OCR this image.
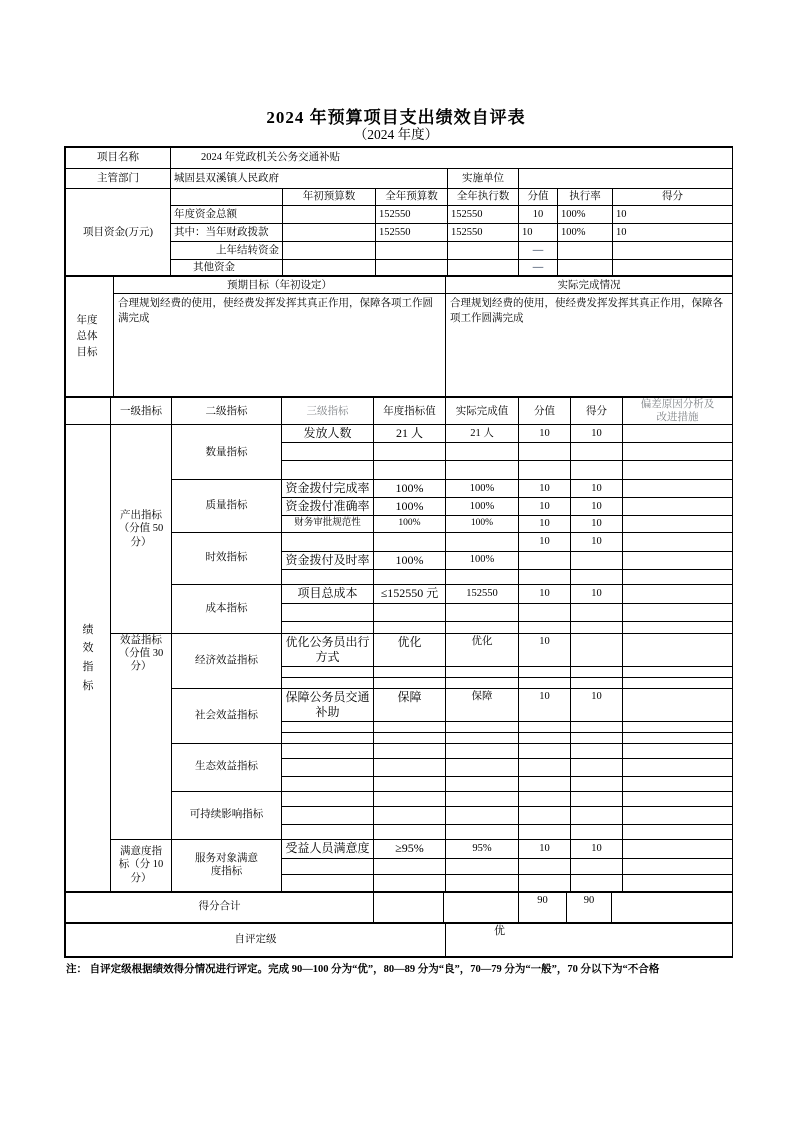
2024 年预算项目支出绩效自评表
（2024 年度）
项目名称	2024 年党政机关公务交通补贴						
主管部门	城固县双溪镇人民政府			实施单位			
项目资金(万元)		年初预算数	全年预算数	全年执行数	分值	执行率	得分
	年度资金总额		152550	152550	10	100%	10
	其中：当年财政拨款		152550	152550	10	100%	10
	上年结转资金				—		
	其他资金				—		
年度总体目标	预期目标（年初设定）	实际完成情况
	合理规划经费的使用，使经费发挥发挥其真正作用，保障各项工作圆满完成	合理规划经费的使用，使经费发挥发挥其真正作用，保障各项工作圆满完成
	一级指标	二级指标	三级指标	年度指标值	实际完成值	分值	得分	偏差原因分析及改进措施

绩效指标	产出指标（分值 50 分）	数量指标	发放人数	21 人	21 人	10	10	

		质量指标	资金拨付完成率	100%	100%	10	10	
			资金拨付准确率	100%	100%	10	10	
			财务审批规范性	100%	100%	10	10	
		时效指标				10	10	
			资金拨付及时率	100%	100%			

		成本指标	项目总成本	≤152550 元	152550	10	10	

	效益指标（分值 30 分）	经济效益指标	优化公务员出行方式	优化	优化	10		

		社会效益指标	保障公务员交通补助	保障	保障	10	10	

		生态效益指标						

		可持续影响指标						

	满意度指标（分 10 分）	服务对象满意度指标	受益人员满意度	≥95%	95%	10	10	

得分合计			90	90	
自评定级	优
注： 自评定级根据绩效得分情况进行评定。完成 90—100 分为“优”，80—89 分为“良”，70—79 分为“一般”，70 分以下为“不合格
